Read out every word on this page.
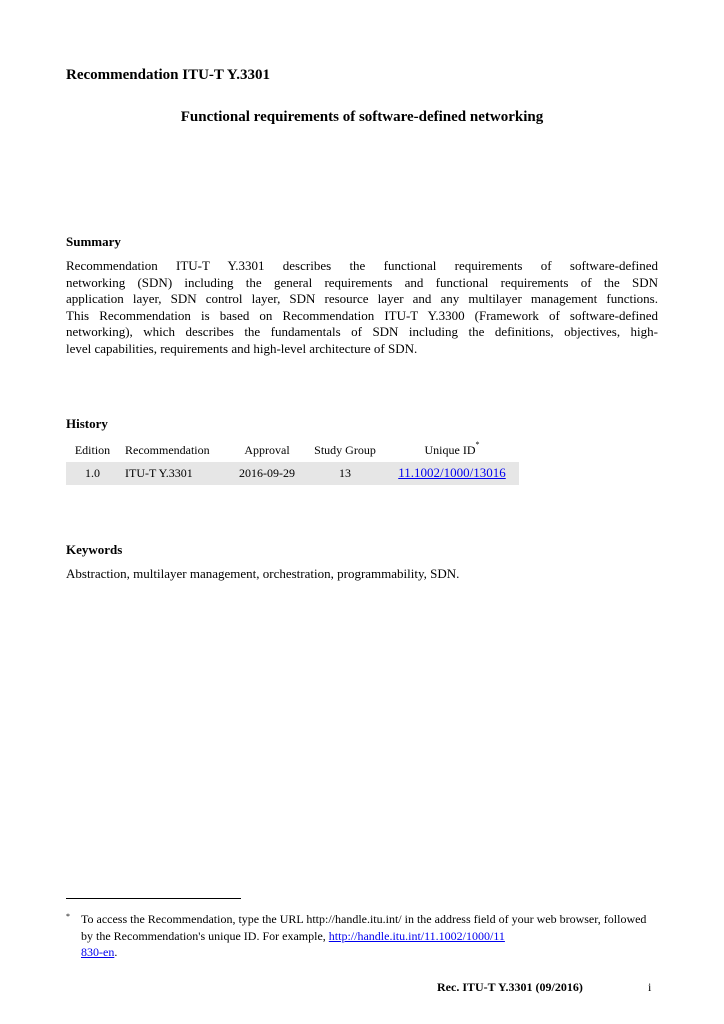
Recommendation ITU-T Y.3301
Functional requirements of software-defined networking
Summary
Recommendation ITU-T Y.3301 describes the functional requirements of software-defined
networking (SDN) including the general requirements and functional requirements of the SDN
application layer, SDN control layer, SDN resource layer and any multilayer management functions.
This Recommendation is based on Recommendation ITU-T Y.3300 (Framework of software-defined
networking), which describes the fundamentals of SDN including the definitions, objectives, high-
level capabilities, requirements and high-level architecture of SDN.
History
Edition	Recommendation	Approval	Study Group	Unique ID*
1.0	ITU-T Y.3301	2016-09-29	13	11.1002/1000/13016
Keywords
Abstraction, multilayer management, orchestration, programmability, SDN.
* To access the Recommendation, type the URL http://handle.itu.int/ in the address field of your web browser, followed by the Recommendation's unique ID. For example, http://handle.itu.int/11.1002/1000/11
830-en.
Rec. ITU-T Y.3301 (09/2016)	i
